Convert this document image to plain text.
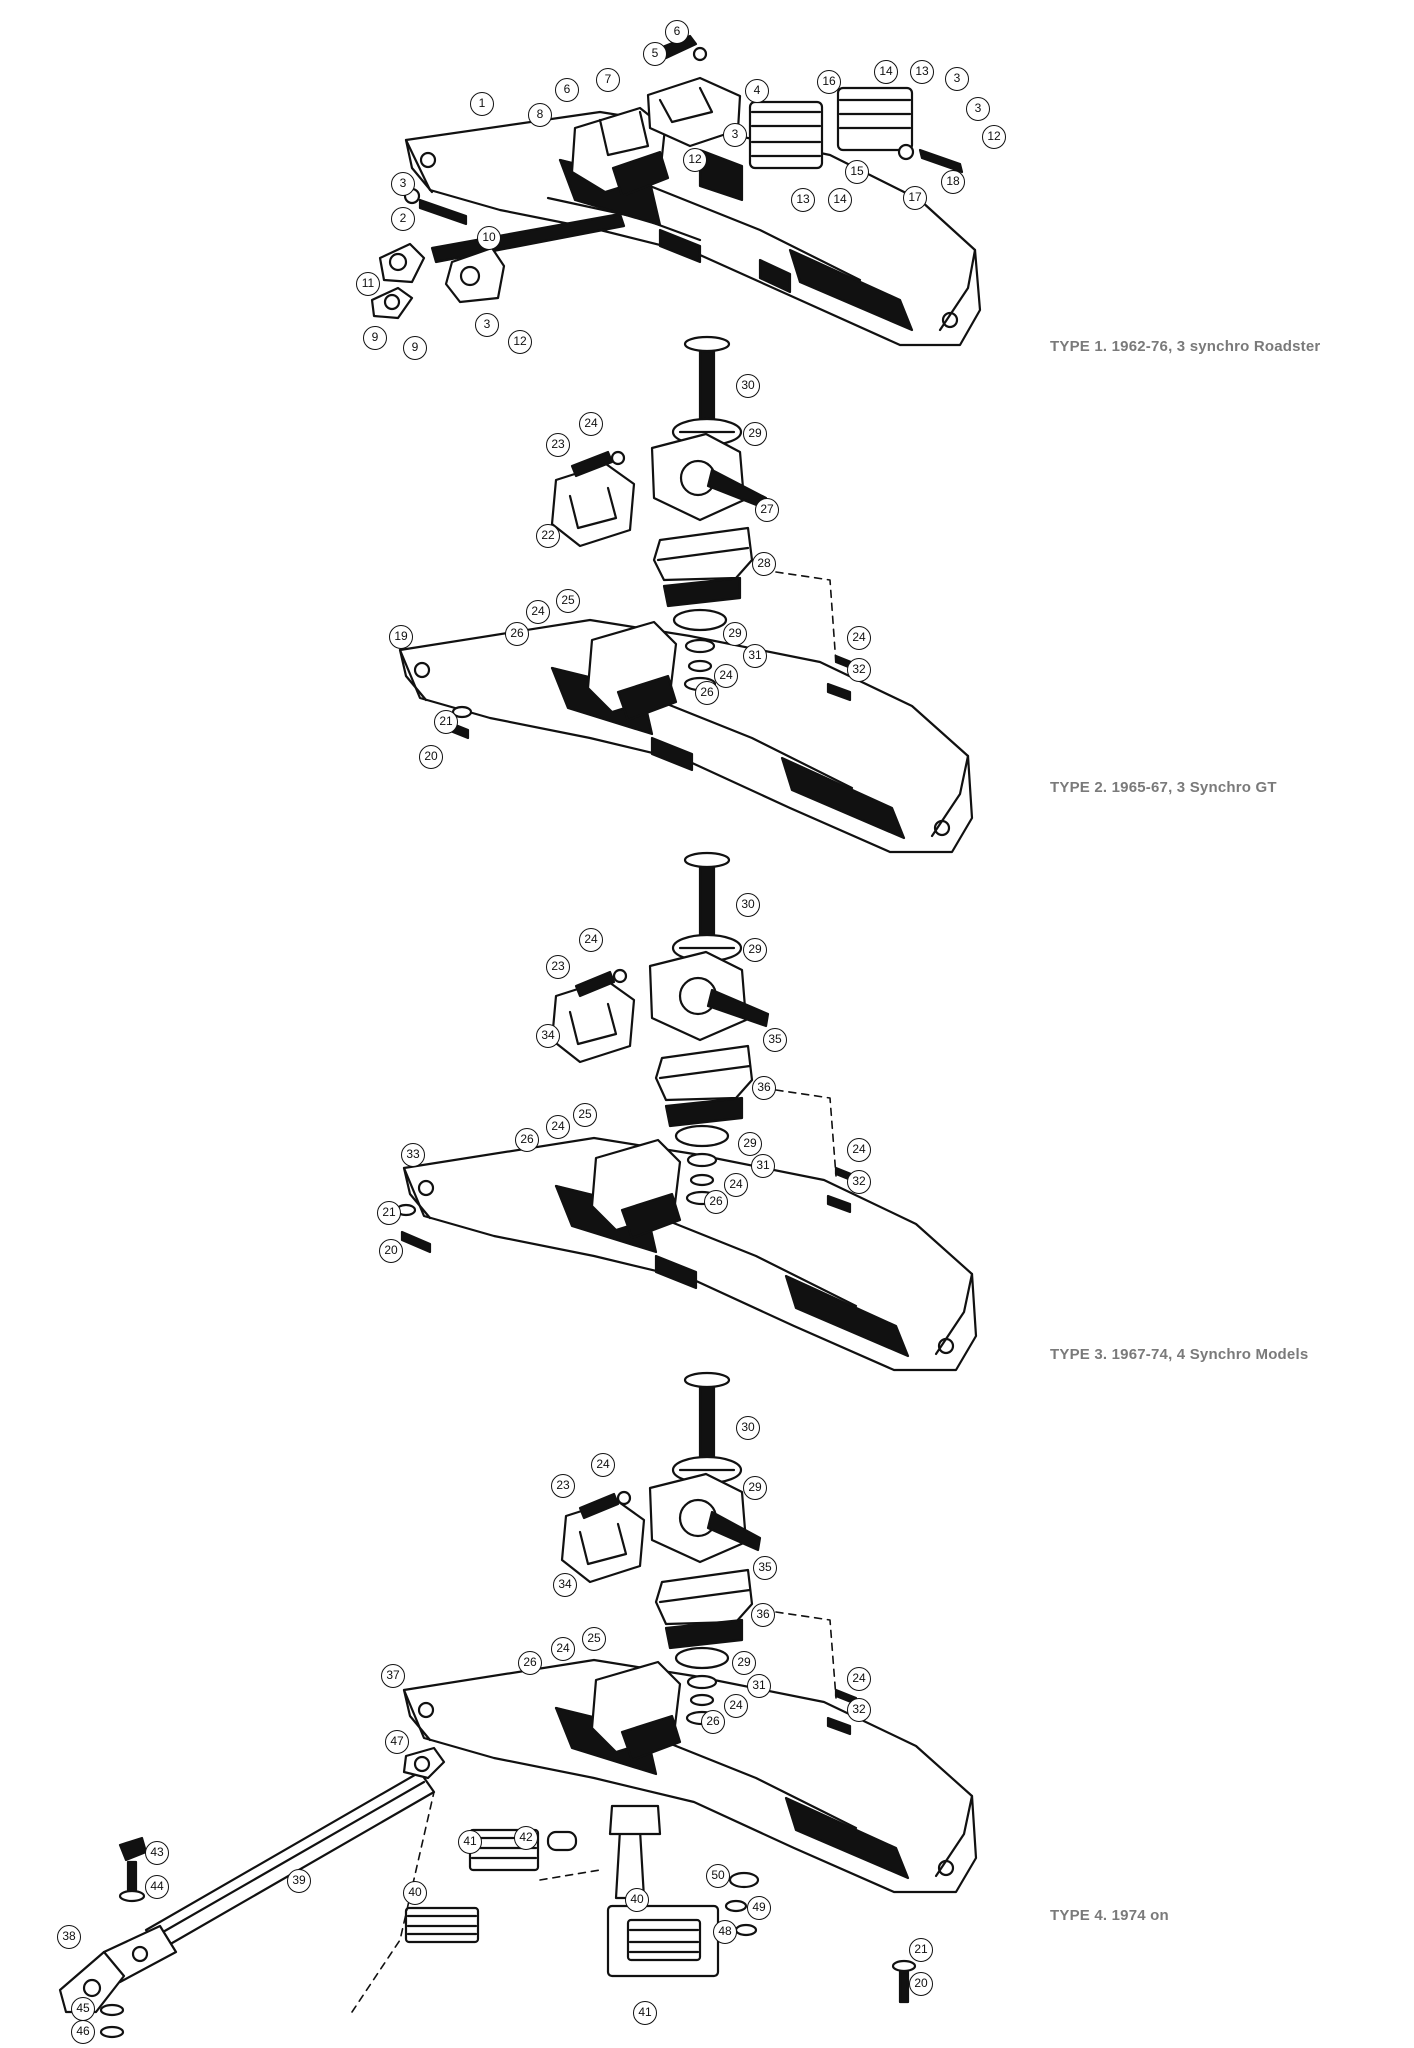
TYPE 1. 1962-76, 3 synchro Roadster
TYPE 2. 1965-67, 3 Synchro GT
TYPE 3. 1967-74, 4 Synchro Models
TYPE 4. 1974 on
1
6
5
4
7
6
8
16
14	13	3
3
12
3
12
15
18
17
13	14
3
2
10
11
9
9
3
12
30
29
24
23
27
22
28
24
25
26
19	29
31
24
26
24
32
21
20
30
29
24
23
34	35
36
25
24
26
33
29
31
24
26
24
32
21
20
30
29
24
23
35
34
36
25
24
26
37
29
31
24
26
24
32
47
43
44	39
41	42
40	40
50
49
48
38
41
45
46
21
20
